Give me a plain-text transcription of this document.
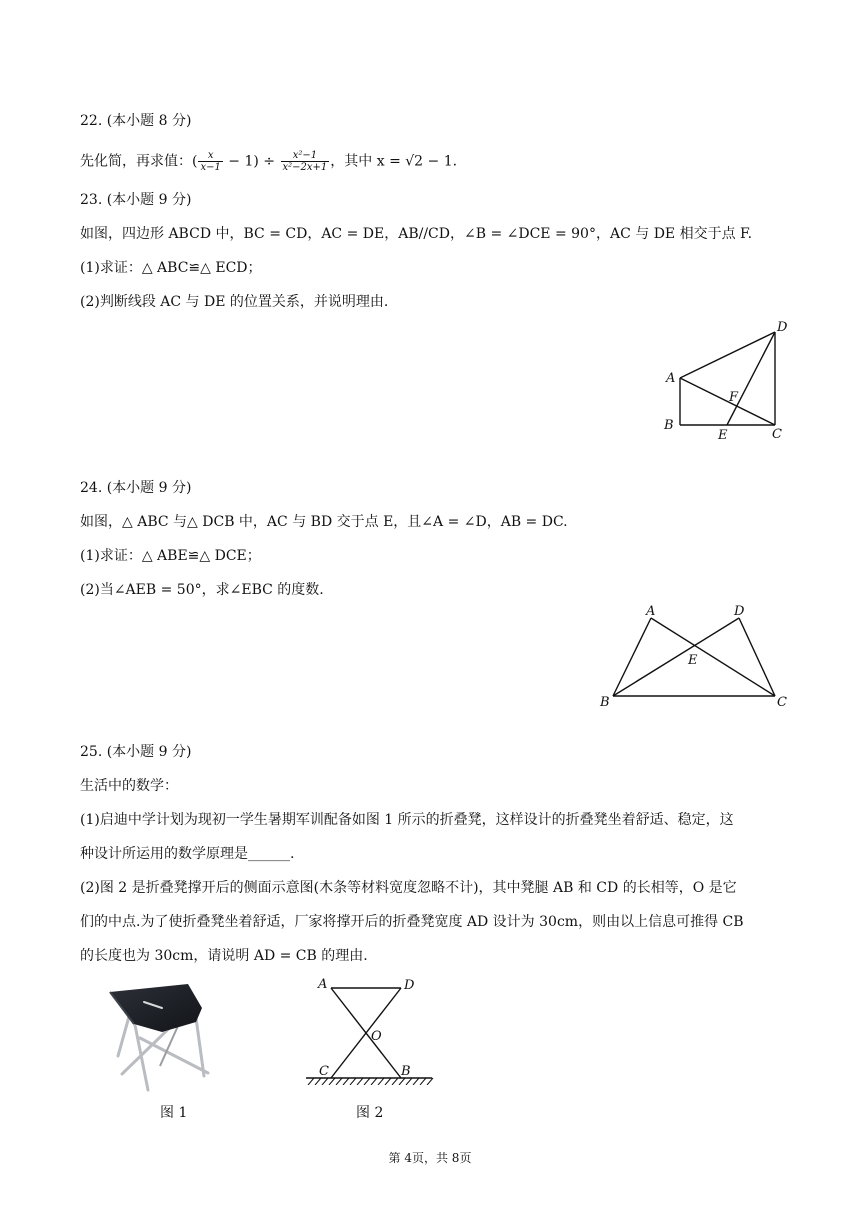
22. (本小题 8 分)
先化简，再求值：( $\frac{x}{x-1} - 1) \div \frac{\text{x²−1}}{\text{x²−2x+1}}$ ，其中 x = √2 − 1.
23. (本小题 9 分)
如图，四边形 ABCD 中，BC = CD，AC = DE，AB//CD，∠B = ∠DCE = 90°，AC 与 DE 相交于点 F.
(1)求证：△ ABC≌△ ECD；
(2)判断线段 AC 与 DE 的位置关系，并说明理由.
D
A
F
B
E	C
24. (本小题 9 分)
如图，△ ABC 与△ DCB 中，AC 与 BD 交于点 E，且∠A = ∠D，AB = DC.
(1)求证：△ ABE≌△ DCE；
(2)当∠AEB = 50°，求∠EBC 的度数.
A	D
E
B	C
25. (本小题 9 分)
生活中的数学：
(1)启迪中学计划为现初一学生暑期军训配备如图 1 所示的折叠凳，这样设计的折叠凳坐着舒适、稳定，这
种设计所运用的数学原理是______.
(2)图 2 是折叠凳撑开后的侧面示意图(木条等材料宽度忽略不计)，其中凳腿 AB 和 CD 的长相等，O 是它
们的中点.为了使折叠凳坐着舒适，厂家将撑开后的折叠凳宽度 AD 设计为 30cm，则由以上信息可推得 CB
的长度也为 30cm，请说明 AD = CB 的理由.
图 1
A	D
O
C	B
图 2
第 4页，共 8页
